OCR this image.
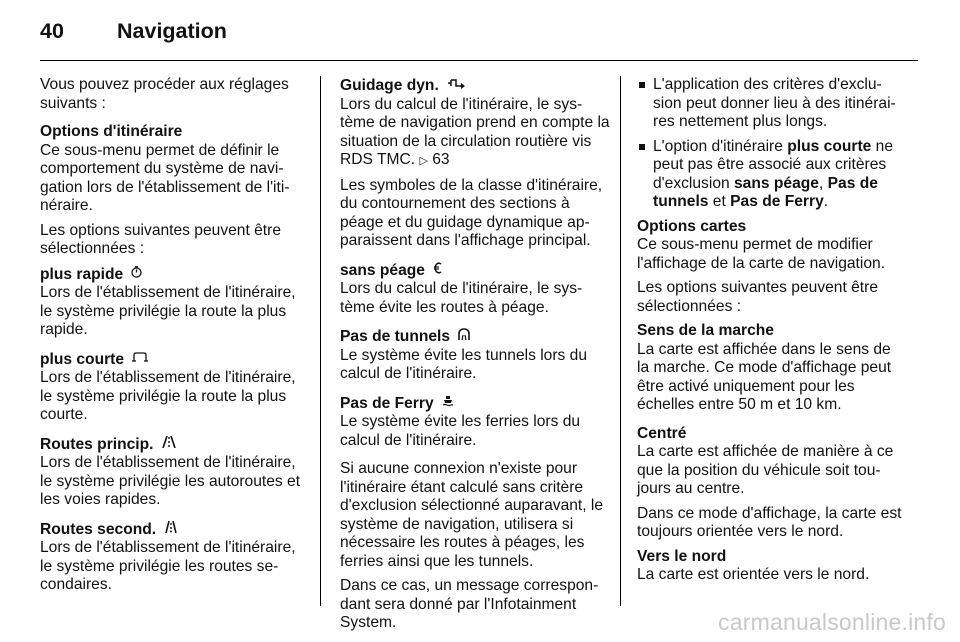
40 Navigation

Vous pouvez procéder aux réglages suivants :

Options d'itinéraire

Ce sous-menu permet de définir le comportement du système de navi-gation lors de l'établissement de l'iti-néraire.

Les options suivantes peuvent être sélectionnées :

plus rapide
Lors de l'établissement de l'itinéraire, le système privilégie la route la plus rapide.
plus courte
Lors de l'établissement de l'itinéraire, le système privilégie la route la plus courte.
Routes princip.
Lors de l'établissement de l'itinéraire, le système privilégie les autoroutes et les voies rapides.
Routes second.
Lors de l'établissement de l'itinéraire, le système privilégie les routes se-condaires.
Guidage dyn.

Lors du calcul de l'itinéraire, le sys-tème de navigation prend en compte la situation de la circulation routière vis RDS TMC. ▷ 63

Les symboles de la classe d'itinéraire, du contournement des sections à péage et du guidage dynamique ap-paraissent dans l'affichage principal.

sans péage
Lors du calcul de l'itinéraire, le sys-tème évite les routes à péage.
Pas de tunnels
Le système évite les tunnels lors du calcul de l'itinéraire.
Pas de Ferry
Le système évite les ferries lors du calcul de l'itinéraire.

Si aucune connexion n'existe pour l'itinéraire étant calculé sans critère d'exclusion sélectionné auparavant, le système de navigation, utilisera si nécessaire les routes à péages, les ferries ainsi que les tunnels.

Dans ce cas, un message correspon-dant sera donné par l'Infotainment System.

L'application des critères d'exclu-sion peut donner lieu à des itinérai-res nettement plus longs.
L'option d'itinéraire plus courte ne peut pas être associé aux critères d'exclusion sans péage, Pas de tunnels et Pas de Ferry.
Options cartes

Ce sous-menu permet de modifier l'affichage de la carte de navigation.

Les options suivantes peuvent être sélectionnées :

Sens de la marche
La carte est affichée dans le sens de la marche. Ce mode d'affichage peut être activé uniquement pour les échelles entre 50 m et 10 km.
Centré

La carte est affichée de manière à ce que la position du véhicule soit tou-jours au centre.

Dans ce mode d'affichage, la carte est toujours orientée vers le nord.

Vers le nord
La carte est orientée vers le nord.
carmanualsonline.info
